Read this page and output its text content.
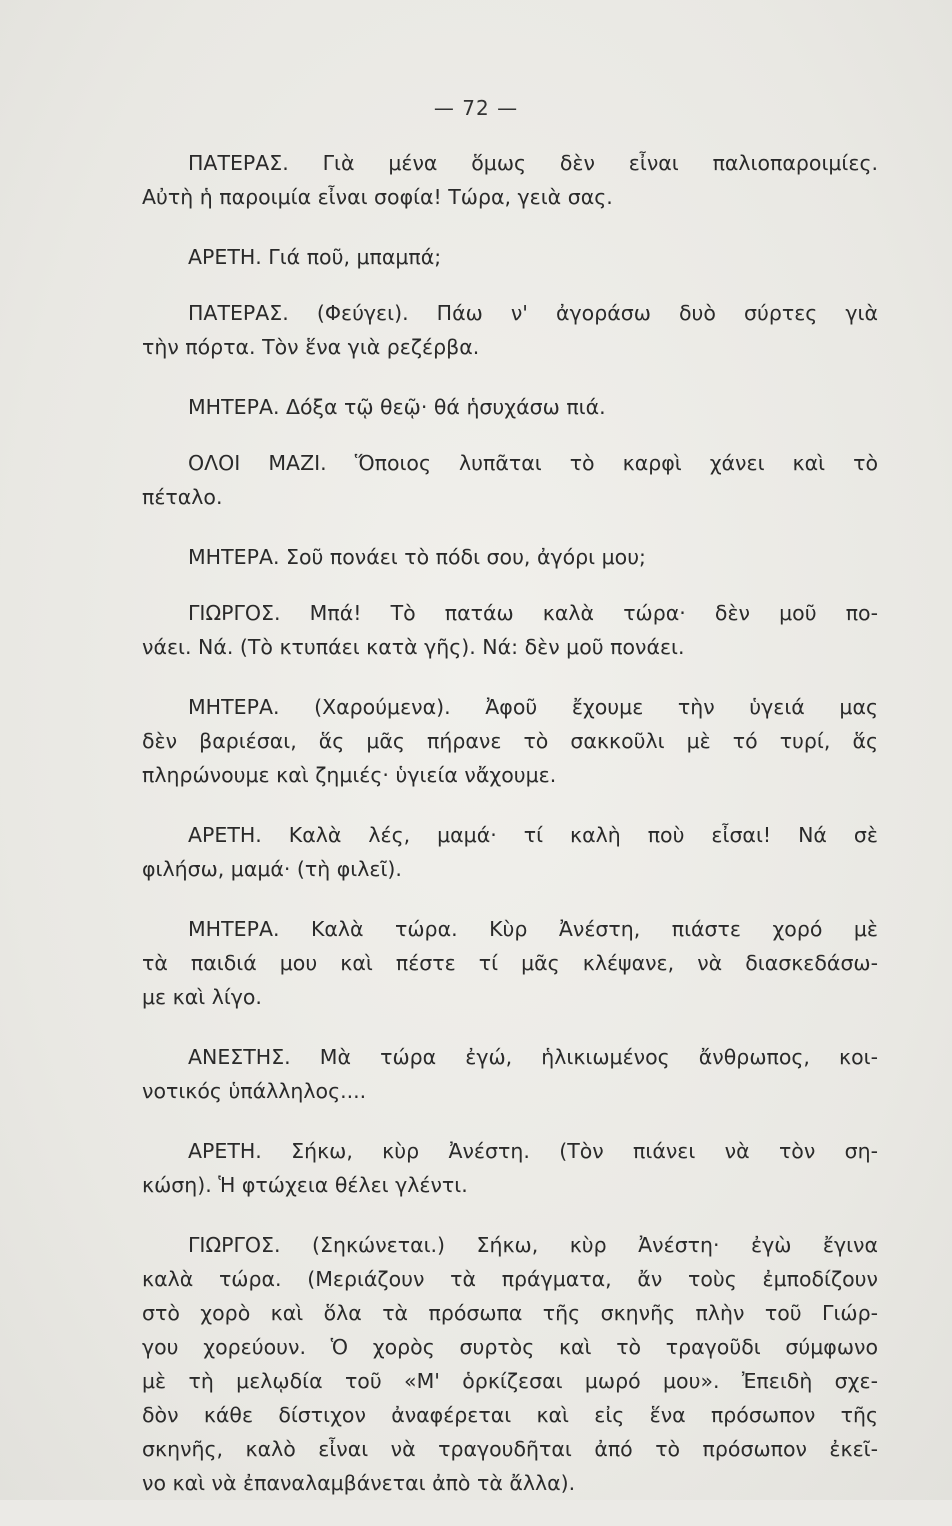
— 72 —
ΠΑΤΕΡΑΣ. Γιὰ μένα ὅμως δὲν εἶναι παλιοπαροιμίες.
Αὐτὴ ἡ παροιμία εἶναι σοφία! Τώρα, γειὰ σας.
ΑΡΕΤΗ. Γιά ποῦ, μπαμπά;
ΠΑΤΕΡΑΣ. (Φεύγει). Πάω ν' ἀγοράσω δυὸ σύρτες γιὰ
τὴν πόρτα. Τὸν ἕνα γιὰ ρεζέρβα.
ΜΗΤΕΡΑ. Δόξα τῷ θεῷ· θά ἡσυχάσω πιά.
ΟΛΟΙ ΜΑΖΙ. Ὅποιος λυπᾶται τὸ καρφὶ χάνει καὶ τὸ
πέταλο.
ΜΗΤΕΡΑ. Σοῦ πονάει τὸ πόδι σου, ἀγόρι μου;
ΓΙΩΡΓΟΣ. Μπά! Τὸ πατάω καλὰ τώρα· δὲν μοῦ πο-
νάει. Νά. (Τὸ κτυπάει κατὰ γῆς). Νά: δὲν μοῦ πονάει.
ΜΗΤΕΡΑ. (Χαρούμενα). Ἀφοῦ ἔχουμε τὴν ὑγειά μας
δὲν βαριέσαι, ἅς μᾶς πήρανε τὸ σακκοῦλι μὲ τό τυρί, ἅς
πληρώνουμε καὶ ζημιές· ὑγιεία νἄχουμε.
ΑΡΕΤΗ. Καλὰ λές, μαμά· τί καλὴ ποὺ εἶσαι! Νά σὲ
φιλήσω, μαμά· (τὴ φιλεῖ).
ΜΗΤΕΡΑ. Καλὰ τώρα. Κὺρ Ἀνέστη, πιάστε χορό μὲ
τὰ παιδιά μου καὶ πέστε τί μᾶς κλέψανε, νὰ διασκεδάσω-
με καὶ λίγο.
ΑΝΕΣΤΗΣ. Μὰ τώρα ἐγώ, ἡλικιωμένος ἄνθρωπος, κοι-
νοτικός ὑπάλληλος....
ΑΡΕΤΗ. Σήκω, κὺρ Ἀνέστη. (Τὸν πιάνει νὰ τὸν ση-
κώση). Ἡ φτώχεια θέλει γλέντι.
ΓΙΩΡΓΟΣ. (Σηκώνεται.) Σήκω, κὺρ Ἀνέστη· ἐγὼ ἔγινα
καλὰ τώρα. (Μεριάζουν τὰ πράγματα, ἄν τοὺς ἐμποδίζουν
στὸ χορὸ καὶ ὅλα τὰ πρόσωπα τῆς σκηνῆς πλὴν τοῦ Γιώρ-
γου χορεύουν. Ὁ χορὸς συρτὸς καὶ τὸ τραγοῦδι σύμφωνο
μὲ τὴ μελῳδία τοῦ «Μ' ὁρκίζεσαι μωρό μου». Ἐπειδὴ σχε-
δὸν κάθε δίστιχον ἀναφέρεται καὶ εἰς ἕνα πρόσωπον τῆς
σκηνῆς, καλὸ εἶναι νὰ τραγουδῆται ἀπό τὸ πρόσωπον ἐκεῖ-
νο καὶ νὰ ἐπαναλαμβάνεται ἀπὸ τὰ ἄλλα).
